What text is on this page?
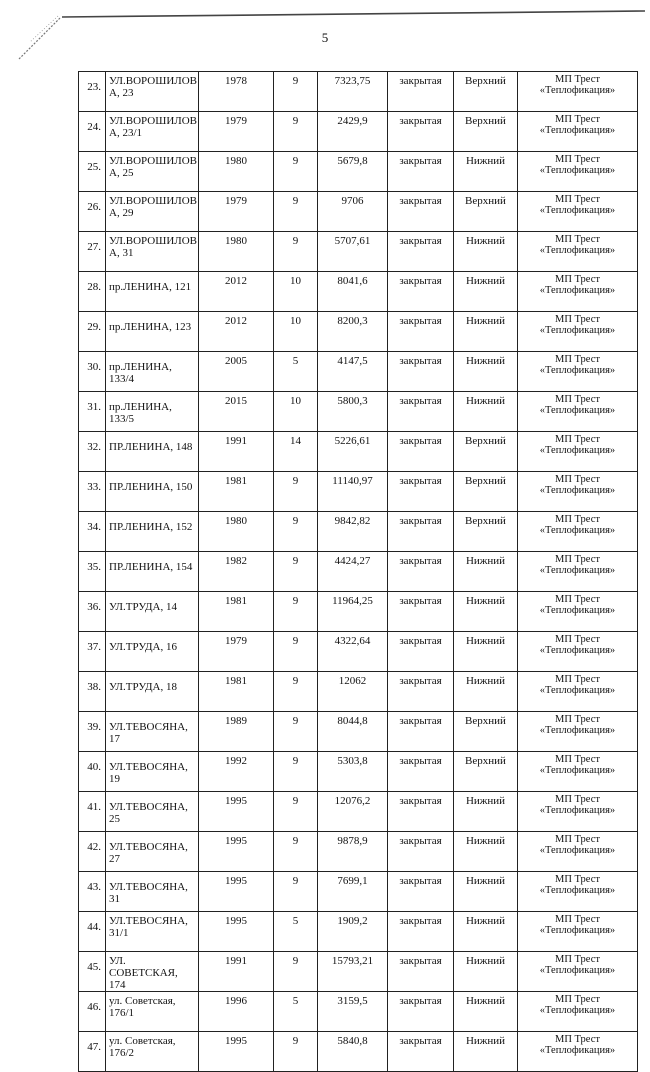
5
23.	УЛ.ВОРОШИЛОВ А, 23	1978	9	7323,75	закрытая	Верхний	МП Трест
«Теплофикация»

24.	УЛ.ВОРОШИЛОВ А, 23/1	1979	9	2429,9	закрытая	Верхний	МП Трест
«Теплофикация»

25.	УЛ.ВОРОШИЛОВ А, 25	1980	9	5679,8	закрытая	Нижний	МП Трест
«Теплофикация»

26.	УЛ.ВОРОШИЛОВ А, 29	1979	9	9706	закрытая	Верхний	МП Трест
«Теплофикация»

27.	УЛ.ВОРОШИЛОВ А, 31	1980	9	5707,61	закрытая	Нижний	МП Трест
«Теплофикация»

28.	пр.ЛЕНИНА, 121	2012	10	8041,6	закрытая	Нижний	МП Трест
«Теплофикация»

29.	пр.ЛЕНИНА, 123	2012	10	8200,3	закрытая	Нижний	МП Трест
«Теплофикация»

30.	пр.ЛЕНИНА, 133/4	2005	5	4147,5	закрытая	Нижний	МП Трест
«Теплофикация»

31.	пр.ЛЕНИНА, 133/5	2015	10	5800,3	закрытая	Нижний	МП Трест
«Теплофикация»

32.	ПР.ЛЕНИНА, 148	1991	14	5226,61	закрытая	Верхний	МП Трест
«Теплофикация»

33.	ПР.ЛЕНИНА, 150	1981	9	11140,97	закрытая	Верхний	МП Трест
«Теплофикация»

34.	ПР.ЛЕНИНА, 152	1980	9	9842,82	закрытая	Верхний	МП Трест
«Теплофикация»

35.	ПР.ЛЕНИНА, 154	1982	9	4424,27	закрытая	Нижний	МП Трест
«Теплофикация»

36.	УЛ.ТРУДА, 14	1981	9	11964,25	закрытая	Нижний	МП Трест
«Теплофикация»

37.	УЛ.ТРУДА, 16	1979	9	4322,64	закрытая	Нижний	МП Трест
«Теплофикация»

38.	УЛ.ТРУДА, 18	1981	9	12062	закрытая	Нижний	МП Трест
«Теплофикация»

39.	УЛ.ТЕВОСЯНА, 17	1989	9	8044,8	закрытая	Верхний	МП Трест
«Теплофикация»

40.	УЛ.ТЕВОСЯНА, 19	1992	9	5303,8	закрытая	Верхний	МП Трест
«Теплофикация»

41.	УЛ.ТЕВОСЯНА, 25	1995	9	12076,2	закрытая	Нижний	МП Трест
«Теплофикация»

42.	УЛ.ТЕВОСЯНА, 27	1995	9	9878,9	закрытая	Нижний	МП Трест
«Теплофикация»

43.	УЛ.ТЕВОСЯНА, 31	1995	9	7699,1	закрытая	Нижний	МП Трест
«Теплофикация»

44.	УЛ.ТЕВОСЯНА, 31/1	1995	5	1909,2	закрытая	Нижний	МП Трест
«Теплофикация»

45.	УЛ. СОВЕТСКАЯ, 174	1991	9	15793,21	закрытая	Нижний	МП Трест
«Теплофикация»

46.	ул. Советская, 176/1	1996	5	3159,5	закрытая	Нижний	МП Трест
«Теплофикация»

47.	ул. Советская, 176/2	1995	9	5840,8	закрытая	Нижний	МП Трест
«Теплофикация»
